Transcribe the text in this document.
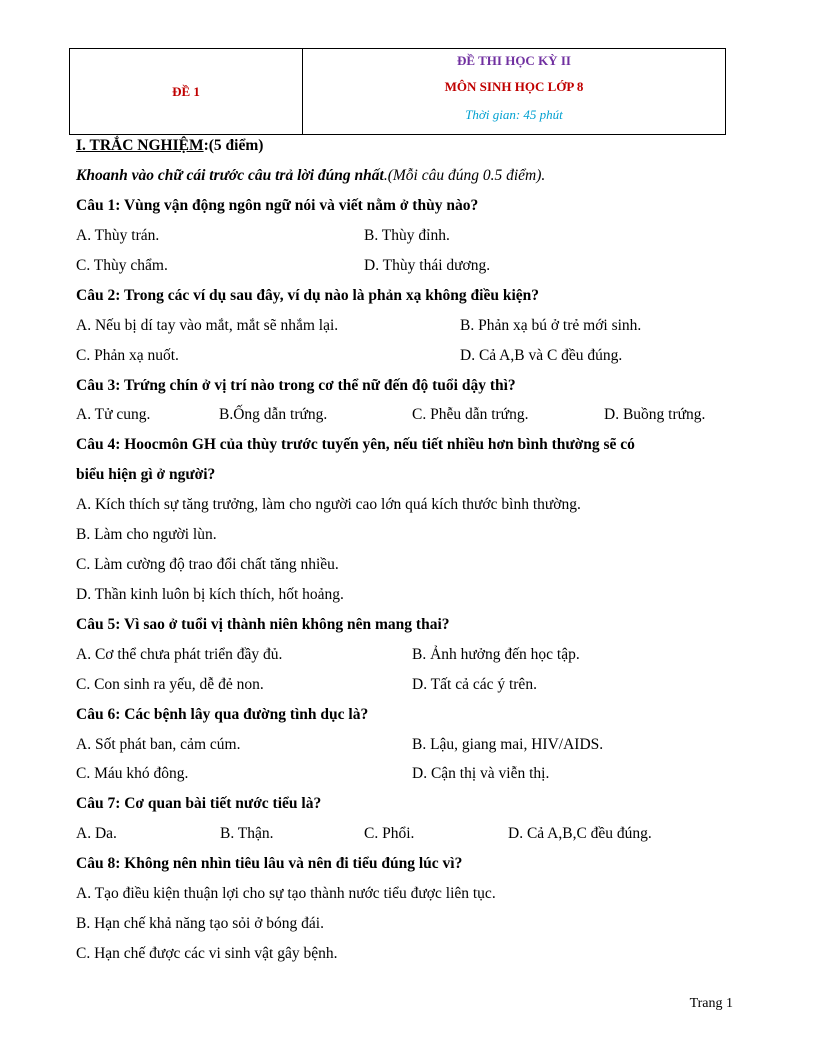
ĐỀ 1
ĐỀ THI HỌC KỲ II
MÔN SINH HỌC LỚP 8
Thời gian: 45 phút
I. TRẮC NGHIỆM:(5 điểm)
Khoanh vào chữ cái trước câu trả lời đúng nhất.(Mỗi câu đúng 0.5 điểm).
Câu 1: Vùng vận động ngôn ngữ nói và viết nằm ở thùy nào?
A. Thùy trán.	B. Thùy đỉnh.
C. Thùy chẩm.	D. Thùy thái dương.
Câu 2: Trong các ví dụ sau đây, ví dụ nào là phản xạ không điều kiện?
A. Nếu bị dí tay vào mắt, mắt sẽ nhắm lại.	B. Phản xạ bú ở trẻ mới sinh.
C. Phản xạ nuốt.	D. Cả A,B và C đều đúng.
Câu 3: Trứng chín ở vị trí nào trong cơ thể nữ đến độ tuổi dậy thì?
A. Tử cung.	B.Ống dẫn trứng.	C. Phễu dẫn trứng.	D. Buồng trứng.
Câu 4: Hoocmôn GH của thùy trước tuyến yên, nếu tiết nhiều hơn bình thường sẽ có
biểu hiện gì ở người?
A. Kích thích sự tăng trưởng, làm cho người cao lớn quá kích thước bình thường.
B. Làm cho người lùn.
C. Làm cường độ trao đổi chất tăng nhiều.
D. Thần kinh luôn bị kích thích, hốt hoảng.
Câu 5: Vì sao ở tuổi vị thành niên không nên mang thai?
A. Cơ thể chưa phát triển đầy đủ.	B. Ảnh hưởng đến học tập.
C. Con sinh ra yếu, dễ đẻ non.	D. Tất cả các ý trên.
Câu 6: Các bệnh lây qua đường tình dục là?
A. Sốt phát ban, cảm cúm.	B. Lậu, giang mai, HIV/AIDS.
C. Máu khó đông.	D. Cận thị và viễn thị.
Câu 7: Cơ quan bài tiết nước tiểu là?
A. Da.	B. Thận.	C. Phổi.	D. Cả A,B,C đều đúng.
Câu 8: Không nên nhìn tiêu lâu và nên đi tiểu đúng lúc vì?
A. Tạo điều kiện thuận lợi cho sự tạo thành nước tiểu được liên tục.
B. Hạn chế khả năng tạo sỏi ở bóng đái.
C. Hạn chế được các vi sinh vật gây bệnh.
Trang 1
